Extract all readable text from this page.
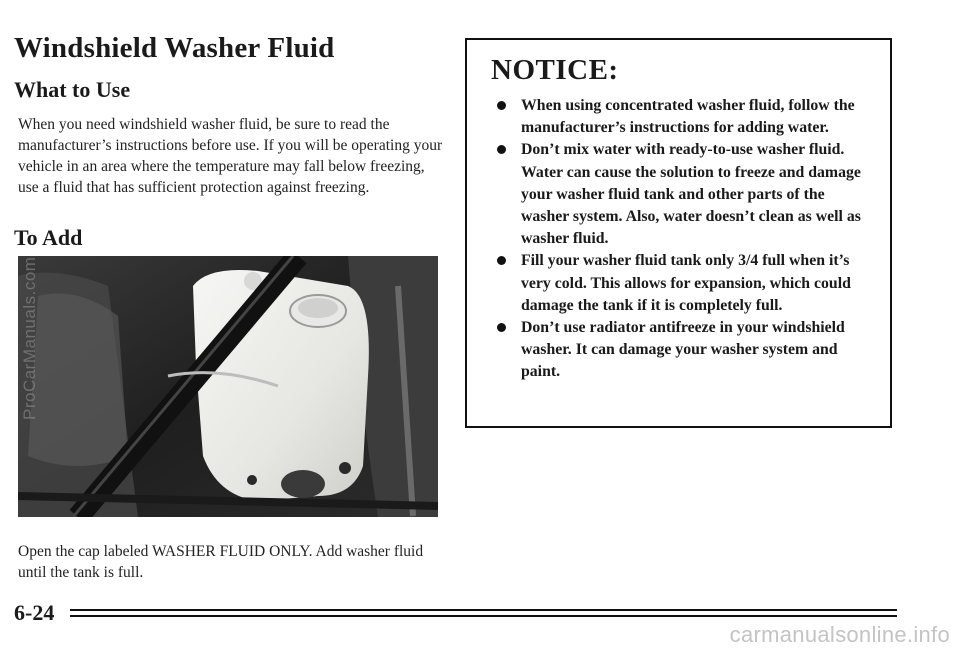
Windshield Washer Fluid
What to Use

When you need windshield washer fluid, be sure to read the manufacturer’s instructions before use. If you will be operating your vehicle in an area where the temperature may fall below freezing, use a fluid that has sufficient protection against freezing.

To Add

Open the cap labeled WASHER FLUID ONLY. Add washer fluid until the tank is full.

NOTICE:
When using concentrated washer fluid, follow the manufacturer’s instructions for adding water.
Don’t mix water with ready-to-use washer fluid. Water can cause the solution to freeze and damage your washer fluid tank and other parts of the washer system. Also, water doesn’t clean as well as washer fluid.
Fill your washer fluid tank only 3/4 full when it’s very cold. This allows for expansion, which could damage the tank if it is completely full.
Don’t use radiator antifreeze in your windshield washer. It can damage your washer system and paint.
6-24
ProCarManuals.com
carmanualsonline.info
